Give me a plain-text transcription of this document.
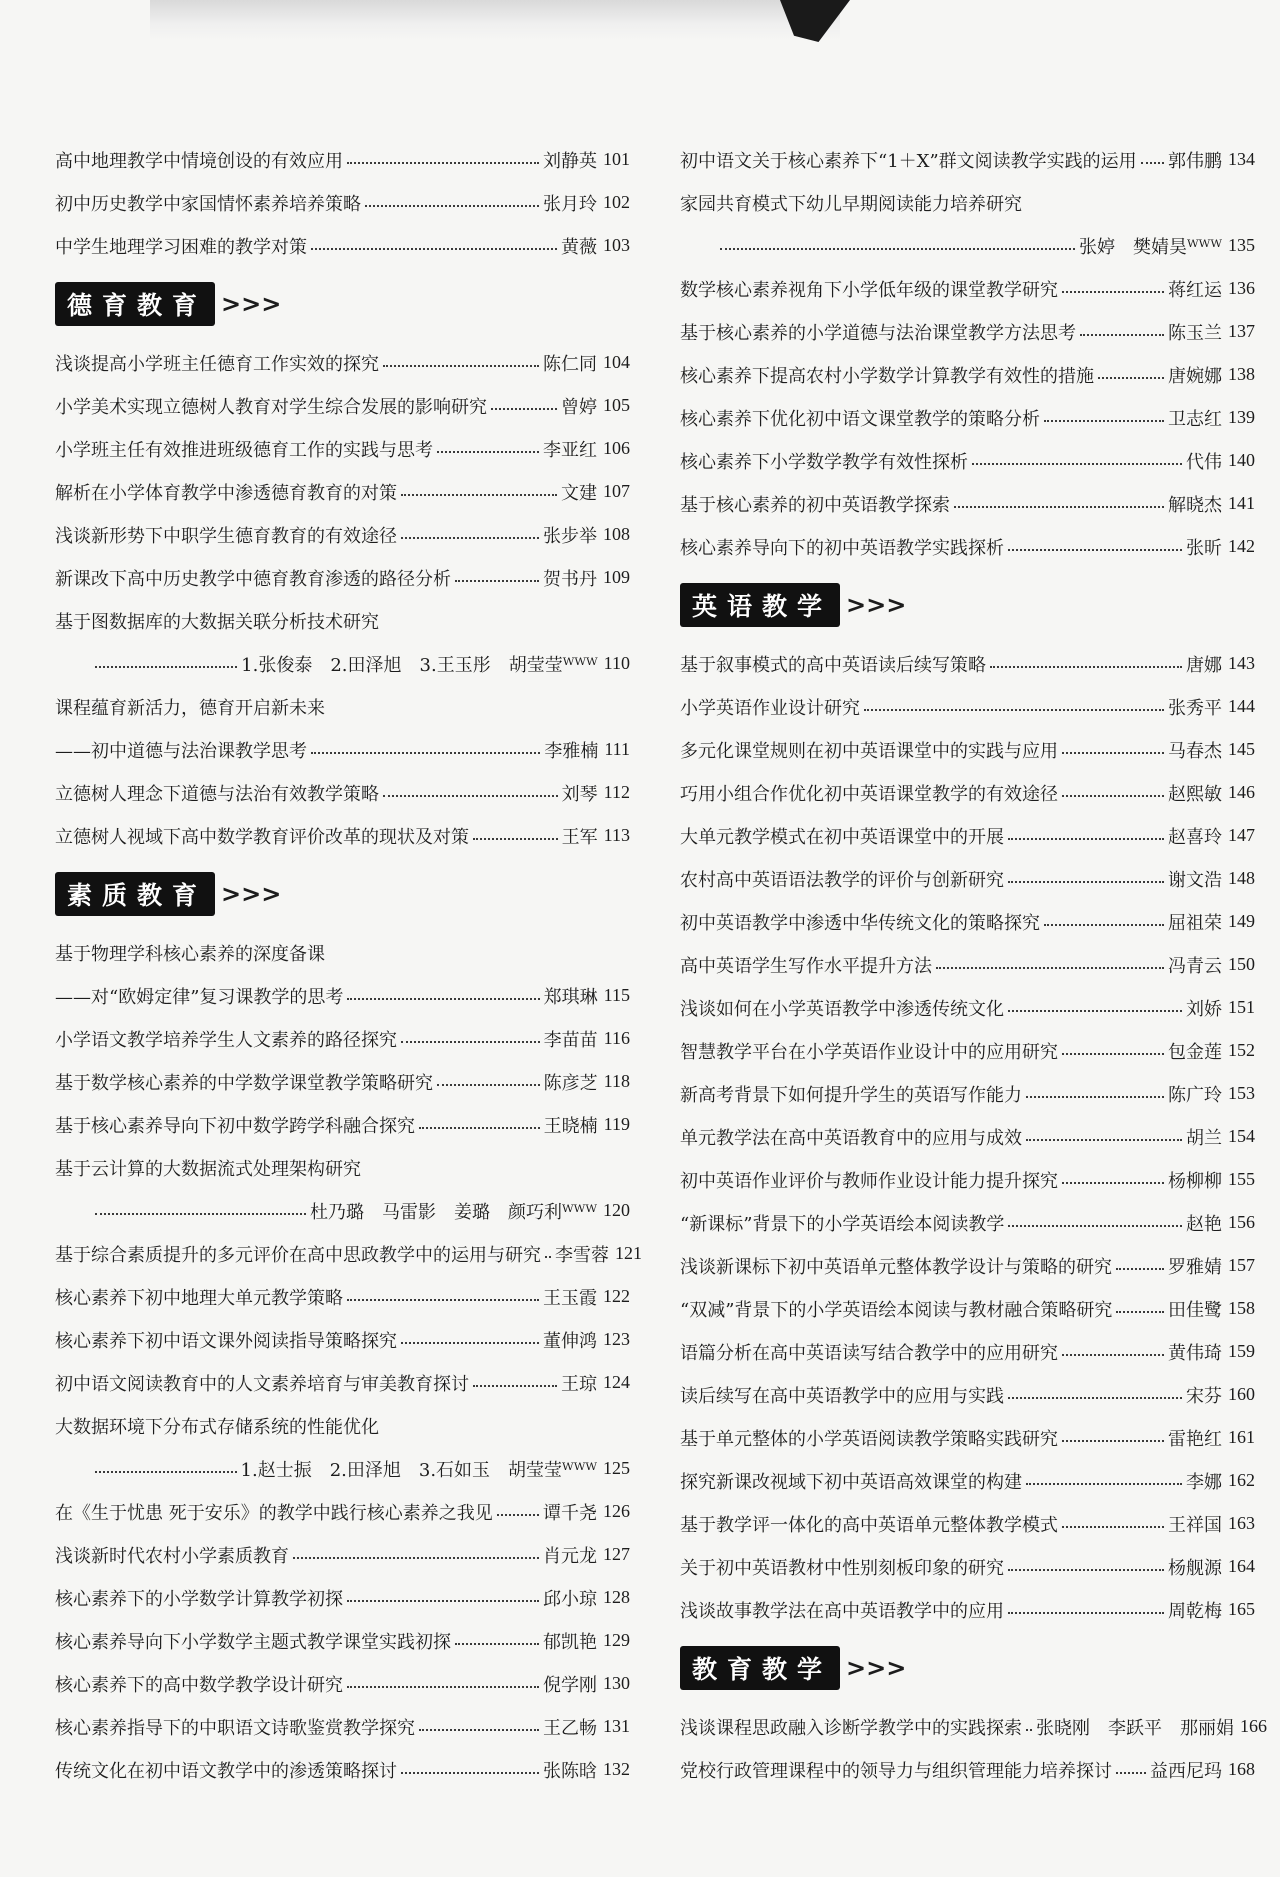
高中地理教学中情境创设的有效应用	刘静英 101
初中历史教学中家国情怀素养培养策略	张月玲 102
中学生地理学习困难的教学对策	黄薇 103
德育教育 >>>
浅谈提高小学班主任德育工作实效的探究	陈仁同 104
小学美术实现立德树人教育对学生综合发展的影响研究	曾婷 105
小学班主任有效推进班级德育工作的实践与思考	李亚红 106
解析在小学体育教学中渗透德育教育的对策	文建 107
浅谈新形势下中职学生德育教育的有效途径	张步举 108
新课改下高中历史教学中德育教育渗透的路径分析	贺书丹 109
基于图数据库的大数据关联分析技术研究
1.张俊泰　2.田泽旭　3.王玉彤　胡莹莹ᵂᵂᵂ 110
课程蕴育新活力，德育开启新未来
——初中道德与法治课教学思考	李雅楠 111
立德树人理念下道德与法治有效教学策略	刘琴 112
立德树人视域下高中数学教育评价改革的现状及对策	王军 113
素质教育 >>>
基于物理学科核心素养的深度备课
——对“欧姆定律”复习课教学的思考	郑琪琳 115
小学语文教学培养学生人文素养的路径探究	李苗苗 116
基于数学核心素养的中学数学课堂教学策略研究	陈彦芝 118
基于核心素养导向下初中数学跨学科融合探究	王晓楠 119
基于云计算的大数据流式处理架构研究
杜乃璐　马雷影　姜璐　颜巧利ᵂᵂᵂ 120
基于综合素质提升的多元评价在高中思政教学中的运用与研究 李雪蓉 121
核心素养下初中地理大单元教学策略	王玉霞 122
核心素养下初中语文课外阅读指导策略探究	董伸鸿 123
初中语文阅读教育中的人文素养培育与审美教育探讨	王琼 124
大数据环境下分布式存储系统的性能优化
1.赵士振　2.田泽旭　3.石如玉　胡莹莹ᵂᵂᵂ 125
在《生于忧患 死于安乐》的教学中践行核心素养之我见	谭千尧 126
浅谈新时代农村小学素质教育	肖元龙 127
核心素养下的小学数学计算教学初探	邱小琼 128
核心素养导向下小学数学主题式教学课堂实践初探	郁凯艳 129
核心素养下的高中数学教学设计研究	倪学刚 130
核心素养指导下的中职语文诗歌鉴赏教学探究	王乙畅 131
传统文化在初中语文教学中的渗透策略探讨	张陈晗 132
初中语文关于核心素养下“1＋X”群文阅读教学实践的运用 郭伟鹏 134
家园共育模式下幼儿早期阅读能力培养研究
张婷　樊婧昊ᵂᵂᵂ 135
数学核心素养视角下小学低年级的课堂教学研究	蒋红运 136
基于核心素养的小学道德与法治课堂教学方法思考	陈玉兰 137
核心素养下提高农村小学数学计算教学有效性的措施	唐婉娜 138
核心素养下优化初中语文课堂教学的策略分析	卫志红 139
核心素养下小学数学教学有效性探析	代伟 140
基于核心素养的初中英语教学探索	解晓杰 141
核心素养导向下的初中英语教学实践探析	张昕 142
英语教学 >>>
基于叙事模式的高中英语读后续写策略	唐娜 143
小学英语作业设计研究	张秀平 144
多元化课堂规则在初中英语课堂中的实践与应用	马春杰 145
巧用小组合作优化初中英语课堂教学的有效途径	赵熙敏 146
大单元教学模式在初中英语课堂中的开展	赵喜玲 147
农村高中英语语法教学的评价与创新研究	谢文浩 148
初中英语教学中渗透中华传统文化的策略探究	屈祖荣 149
高中英语学生写作水平提升方法	冯青云 150
浅谈如何在小学英语教学中渗透传统文化	刘娇 151
智慧教学平台在小学英语作业设计中的应用研究	包金莲 152
新高考背景下如何提升学生的英语写作能力	陈广玲 153
单元教学法在高中英语教育中的应用与成效	胡兰 154
初中英语作业评价与教师作业设计能力提升探究	杨柳柳 155
“新课标”背景下的小学英语绘本阅读教学	赵艳 156
浅谈新课标下初中英语单元整体教学设计与策略的研究	罗雅婧 157
“双减”背景下的小学英语绘本阅读与教材融合策略研究	田佳鹭 158
语篇分析在高中英语读写结合教学中的应用研究	黄伟琦 159
读后续写在高中英语教学中的应用与实践	宋芬 160
基于单元整体的小学英语阅读教学策略实践研究	雷艳红 161
探究新课改视域下初中英语高效课堂的构建	李娜 162
基于教学评一体化的高中英语单元整体教学模式	王祥国 163
关于初中英语教材中性别刻板印象的研究	杨舰源 164
浅谈故事教学法在高中英语教学中的应用	周乾梅 165
教育教学 >>>
浅谈课程思政融入诊断学教学中的实践探索 张晓刚　李跃平　那丽娟 166
党校行政管理课程中的领导力与组织管理能力培养探讨 益西尼玛 168
